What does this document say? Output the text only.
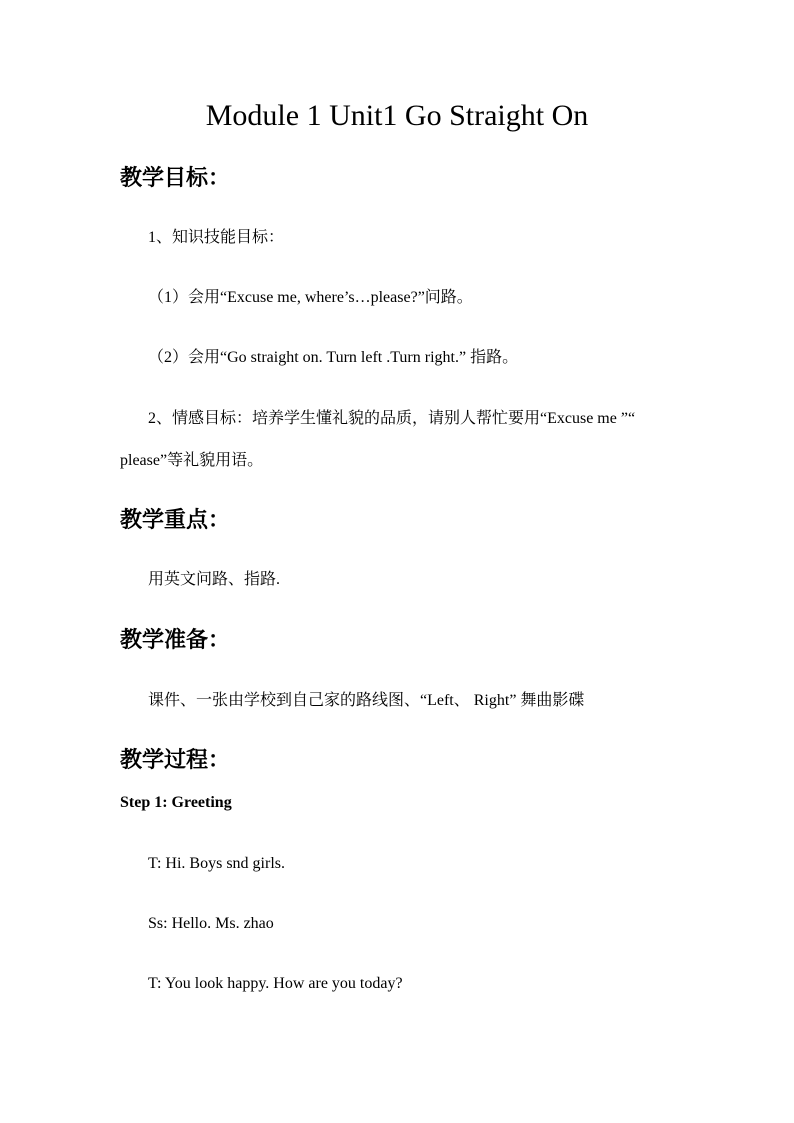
Module 1 Unit1 Go Straight On
教学目标：
1、知识技能目标：
（1）会用“Excuse me, where’s…please?”问路。
（2）会用“Go straight on. Turn left .Turn right.” 指路。
2、情感目标：培养学生懂礼貌的品质，请别人帮忙要用“Excuse me ”“ please”等礼貌用语。
教学重点：
用英文问路、指路.
教学准备：
课件、一张由学校到自己家的路线图、“Left、 Right” 舞曲影碟
教学过程：
Step 1: Greeting
T: Hi. Boys snd girls.
Ss: Hello. Ms. zhao
T: You look happy. How are you today?
